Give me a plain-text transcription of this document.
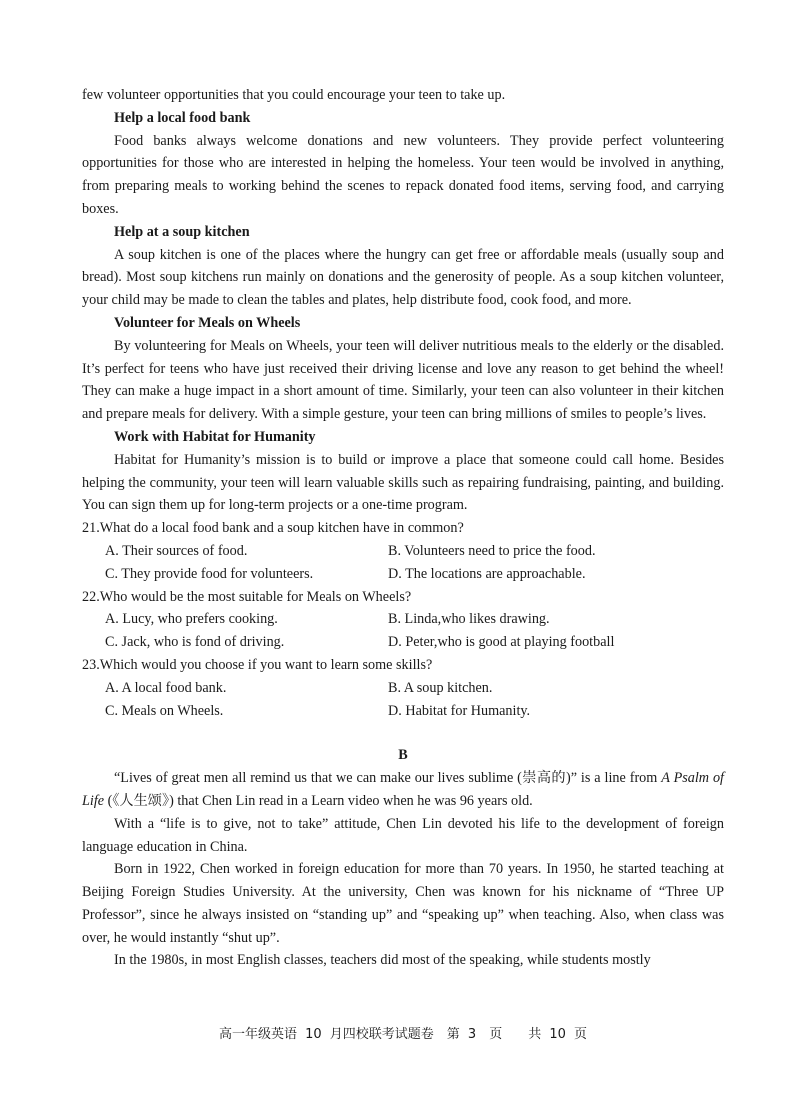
few volunteer opportunities that you could encourage your teen to take up.

Help a local food bank

Food banks always welcome donations and new volunteers. They provide perfect volunteering opportunities for those who are interested in helping the homeless. Your teen would be involved in anything, from preparing meals to working behind the scenes to repack donated food items, serving food, and carrying boxes.

Help at a soup kitchen

A soup kitchen is one of the places where the hungry can get free or affordable meals (usually soup and bread). Most soup kitchens run mainly on donations and the generosity of people. As a soup kitchen volunteer, your child may be made to clean the tables and plates, help distribute food, cook food, and more.

Volunteer for Meals on Wheels

By volunteering for Meals on Wheels, your teen will deliver nutritious meals to the elderly or the disabled. It’s perfect for teens who have just received their driving license and love any reason to get behind the wheel! They can make a huge impact in a short amount of time. Similarly, your teen can also volunteer in their kitchen and prepare meals for delivery. With a simple gesture, your teen can bring millions of smiles to people’s lives.

Work with Habitat for Humanity

Habitat for Humanity’s mission is to build or improve a place that someone could call home. Besides helping the community, your teen will learn valuable skills such as repairing fundraising, painting, and building. You can sign them up for long-term projects or a one-time program.

21.What do a local food bank and a soup kitchen have in common?

A. Their sources of food.	B. Volunteers need to price the food.
C. They provide food for volunteers.	D. The locations are approachable.

22.Who would be the most suitable for Meals on Wheels?

A. Lucy, who prefers cooking.	B. Linda,who likes drawing.
C. Jack, who is fond of driving.	D. Peter,who is good at playing football

23.Which would you choose if you want to learn some skills?

A. A local food bank.	B. A soup kitchen.
C. Meals on Wheels.	D. Habitat for Humanity.

B

“Lives of great men all remind us that we can make our lives sublime (崇高的)” is a line from A Psalm of Life (《人生颂》) that Chen Lin read in a Learn video when he was 96 years old.

With a “life is to give, not to take” attitude, Chen Lin devoted his life to the development of foreign language education in China.

Born in 1922, Chen worked in foreign education for more than 70 years. In 1950, he started teaching at Beijing Foreign Studies University. At the university, Chen was known for his nickname of “Three UP Professor”, since he always insisted on “standing up” and “speaking up” when teaching. Also, when class was over, he would instantly “shut up”.

In the 1980s, in most English classes, teachers did most of the speaking, while students mostly

高一年级英语 10 月四校联考试题卷　第 3　页　　共 10 页
